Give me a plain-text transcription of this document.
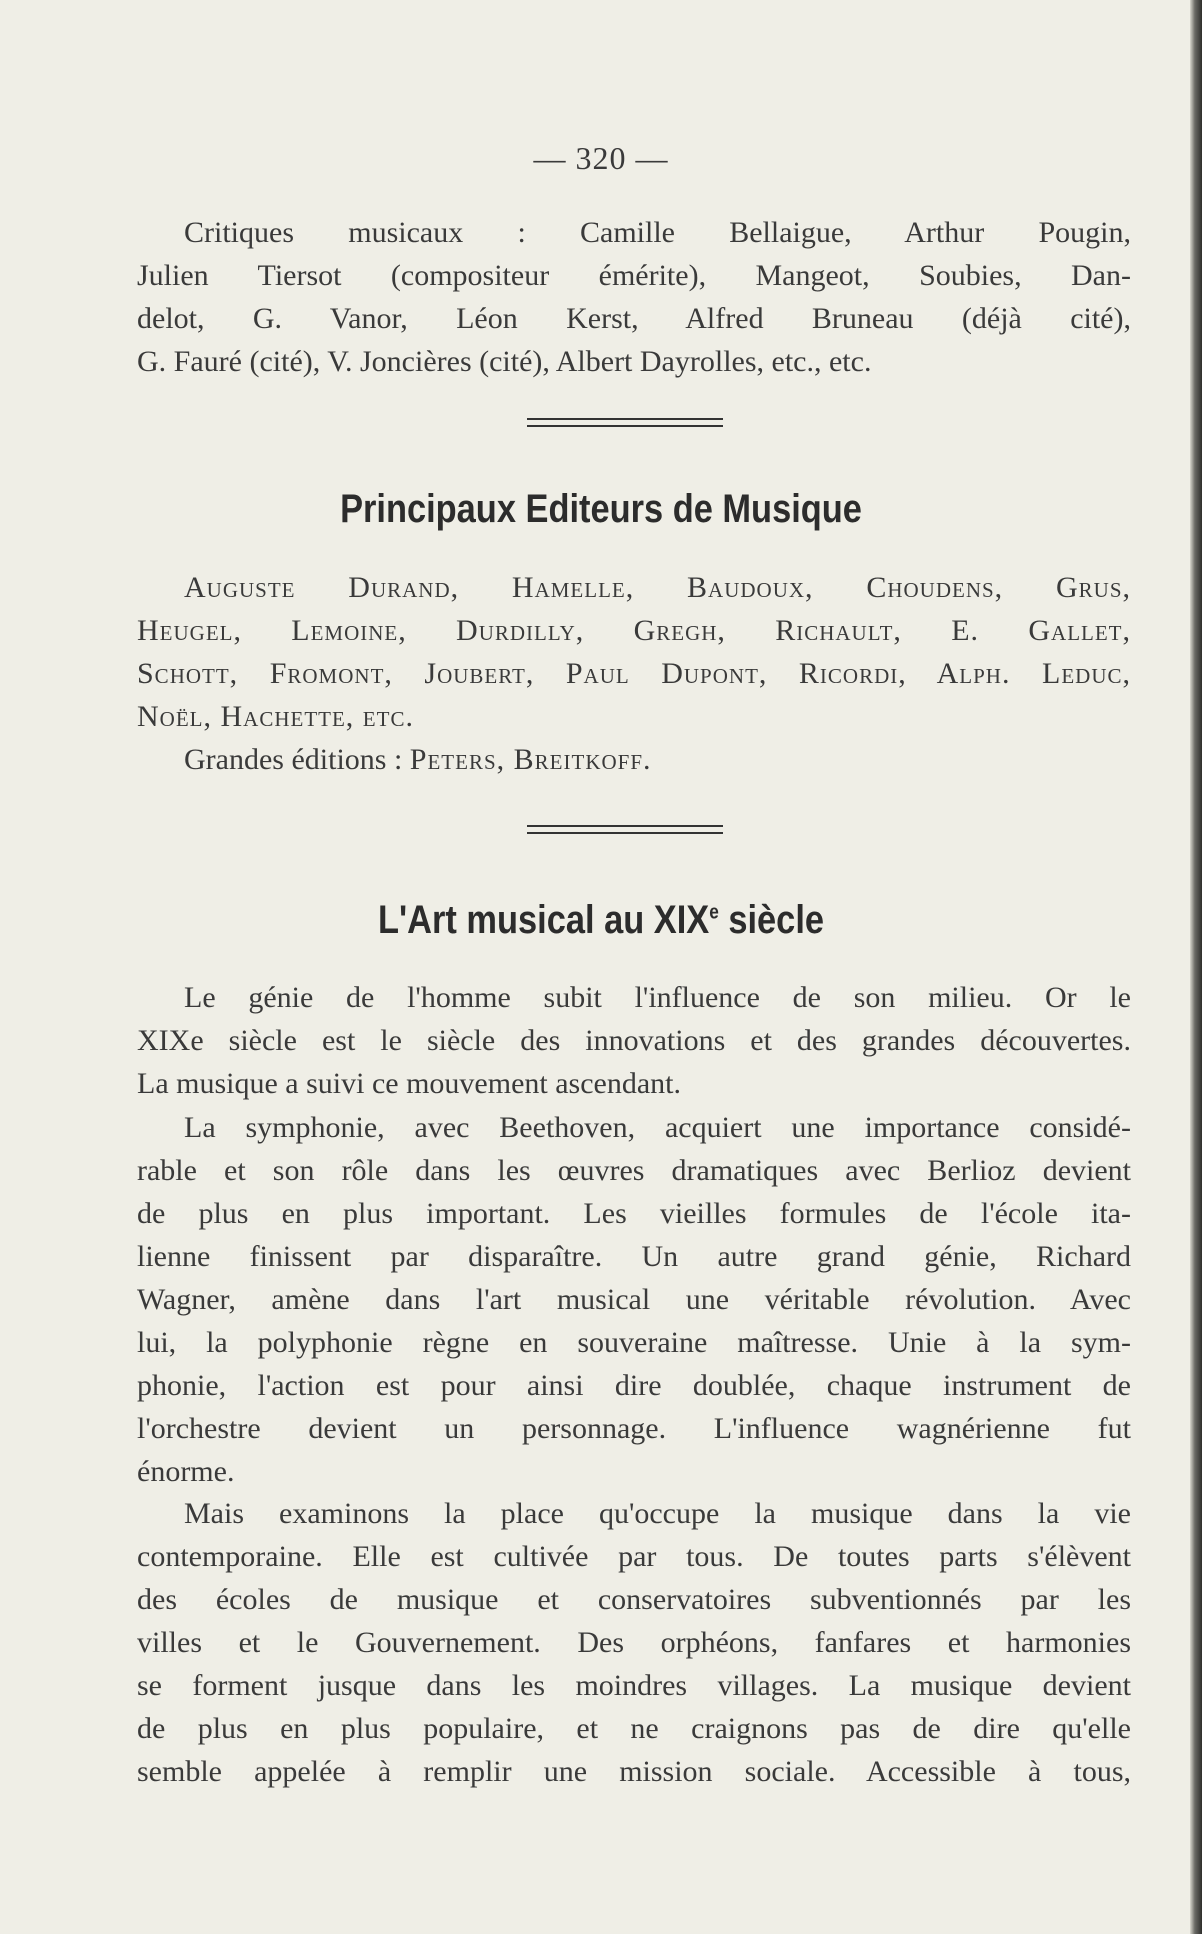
— 320 —
Critiques musicaux : Camille Bellaigue, Arthur Pougin,
Julien Tiersot (compositeur émérite), Mangeot, Soubies, Dan-
delot, G. Vanor, Léon Kerst, Alfred Bruneau (déjà cité),
G. Fauré (cité), V. Joncières (cité), Albert Dayrolles, etc., etc.
Principaux Editeurs de Musique
Auguste Durand, Hamelle, Baudoux, Choudens, Grus,
Heugel, Lemoine, Durdilly, Gregh, Richault, E. Gallet,
Schott, Fromont, Joubert, Paul Dupont, Ricordi, Alph. Leduc,
Noël, Hachette, etc.
Grandes éditions : Peters, Breitkoff.
L'Art musical au XIXe siècle
Le génie de l'homme subit l'influence de son milieu. Or le
XIXe siècle est le siècle des innovations et des grandes découvertes.
La musique a suivi ce mouvement ascendant.
La symphonie, avec Beethoven, acquiert une importance considé-
rable et son rôle dans les œuvres dramatiques avec Berlioz devient
de plus en plus important. Les vieilles formules de l'école ita-
lienne finissent par disparaître. Un autre grand génie, Richard
Wagner, amène dans l'art musical une véritable révolution. Avec
lui, la polyphonie règne en souveraine maîtresse. Unie à la sym-
phonie, l'action est pour ainsi dire doublée, chaque instrument de
l'orchestre devient un personnage. L'influence wagnérienne fut
énorme.
Mais examinons la place qu'occupe la musique dans la vie
contemporaine. Elle est cultivée par tous. De toutes parts s'élèvent
des écoles de musique et conservatoires subventionnés par les
villes et le Gouvernement. Des orphéons, fanfares et harmonies
se forment jusque dans les moindres villages. La musique devient
de plus en plus populaire, et ne craignons pas de dire qu'elle
semble appelée à remplir une mission sociale. Accessible à tous,
